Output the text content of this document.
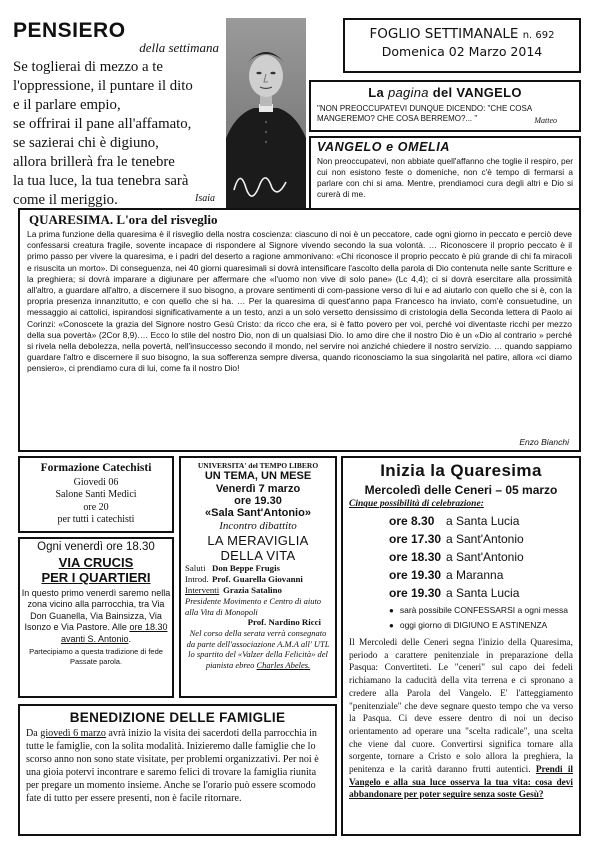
PENSIERO
della settimana
Se toglierai di mezzo a te
l'oppressione, il puntare il dito
e il parlare empio,
se offrirai il pane all'affamato,
se sazierai chi è digiuno,
allora brillerà fra le tenebre
la tua luce, la tua tenebra sarà
come il meriggio.	Isaia
FOGLIO SETTIMANALE n. 692
Domenica 02 Marzo 2014
La pagina del VANGELO
"NON PREOCCUPATEVI DUNQUE DICENDO: "CHE COSA MANGEREMO? CHE COSA BERREMO?... "	Matteo
VANGELO e OMELIA
Non preoccupatevi, non abbiate quell'affanno che toglie il respiro, per cui non esistono feste o domeniche, non c'è tempo di fermarsi a parlare con chi si ama. Mentre, prendiamoci cura degli altri e Dio si curerà di me.
QUARESIMA. L'ora del risveglio
La prima funzione della quaresima è il risveglio della nostra coscienza: ciascuno di noi è un peccatore, cade ogni giorno in peccato e perciò deve confessarsi creatura fragile, sovente incapace di rispondere al Signore vivendo secondo la sua volontà. … Riconoscere il proprio peccato è il primo passo per vivere la quaresima, e i padri del deserto a ragione ammonivano: «Chi riconosce il proprio peccato è più grande di chi fa miracoli e risuscita un morto». Di conseguenza, nei 40 giorni quaresimali si dovrà intensificare l'ascolto della parola di Dio contenuta nelle sante Scritture e la preghiera; si dovrà imparare a digiunare per affermare che «l'uomo non vive di solo pane» (Lc 4,4); ci si dovrà esercitare alla prossimità all'altro, a guardare all'altro, a discernere il suo bisogno, a provare sentimenti di com-passione verso di lui e ad aiutarlo con quello che si è, con la propria presenza innanzitutto, e con quello che si ha. … Per la quaresima di quest'anno papa Francesco ha inviato, com'è consuetudine, un messaggio ai cattolici, ispirandosi significativamente a un testo, anzi a un solo versetto densissimo di cristologia della Seconda lettera di Paolo ai Corinzi: «Conoscete la grazia del Signore nostro Gesù Cristo: da ricco che era, si è fatto povero per voi, perché voi diventaste ricchi per mezzo della sua povertà» (2Cor 8,9)…. Ecco lo stile del nostro Dio, non di un qualsiasi Dio. Io amo dire che il nostro Dio è un «Dio al contrario » perché si rivela nella debolezza, nella povertà, nell'insuccesso secondo il mondo, nel servire noi anziché chiedere il nostro servizio. … quando sappiamo guardare l'altro e discernere il suo bisogno, la sua sofferenza sempre diversa, quando riconosciamo la sua singolarità nel patire, allora «ci diamo pensiero», ci prendiamo cura di lui, come fa il nostro Dio!
Enzo Bianchi
Formazione Catechisti
Giovedi 06
Salone Santi Medici
ore 20
per tutti i catechisti
Ogni venerdì ore 18.30
VIA CRUCIS
PER I QUARTIERI
In questo primo venerdì saremo nella zona vicino alla parrocchia, tra Via Don Guanella, Via Bainsizza, Via Isonzo e Via Pastore. Alle ore 18.30 avanti S. Antonio.
Partecipiamo a questa tradizione di fede Passate parola.
UNIVERSITA' del TEMPO LIBERO
UN TEMA, UN MESE
Venerdì 7 marzo
ore 19.30
«Sala Sant'Antonio»
Incontro dibattito
LA MERAVIGLIA
DELLA VITA
Saluti Don Beppe Frugis
Introd. Prof. Guarella Giovanni
Interventi Grazia Satalino
Presidente Movimento e Centro di aiuto alla Vita di Monopoli
Prof. Nardino Ricci
Nel corso della serata verrà consegnato da parte dell'associazione A.M.A all' UTL lo spartito del «Valzer della Felicità» del pianista ebreo Charles Abeles.
Inizia la Quaresima
Mercoledì delle Ceneri – 05 marzo
Cinque possibilità di celebrazione:
ore 8.30	a Santa Lucia
ore 17.30	a Sant'Antonio
ore 18.30	a Sant'Antonio
ore 19.30	a Maranna
ore 19.30	a Santa Lucia
● sarà possibile CONFESSARSI a ogni messa
● oggi giorno di DIGIUNO E ASTINENZA
Il Mercoledì delle Ceneri segna l'inizio della Quaresima, periodo a carattere penitenziale in preparazione della Pasqua: Convertiteti. Le "ceneri" sul capo dei fedeli richiamano la caducità della vita terrena e ci spronano a credere alla Parola del Vangelo. E' l'atteggiamento "penitenziale" che deve segnare questo tempo che va verso la Pasqua. Ci deve essere dentro di noi un deciso orientamento ad operare una "scelta radicale", una scelta che viene dal cuore. Convertirsi significa tornare alla sorgente, tornare a Cristo e solo allora la preghiera, la penitenza e la carità daranno frutti autentici. Prendi il Vangelo e alla sua luce osserva la tua vita: cosa devi abbandonare per poter seguire senza soste Gesù?
BENEDIZIONE DELLE FAMIGLIE
Da giovedì 6 marzo avrà inizio la visita dei sacerdoti della parrocchia in tutte le famiglie, con la solita modalità. Inizieremo dalle famiglie che lo scorso anno non sono state visitate, per problemi organizzativi. Per noi è una gioia potervi incontrare e saremo felici di trovare la famiglia riunita per pregare un momento insieme. Anche se l'orario può essere scomodo fate di tutto per essere presenti, non è facile ritornare.
